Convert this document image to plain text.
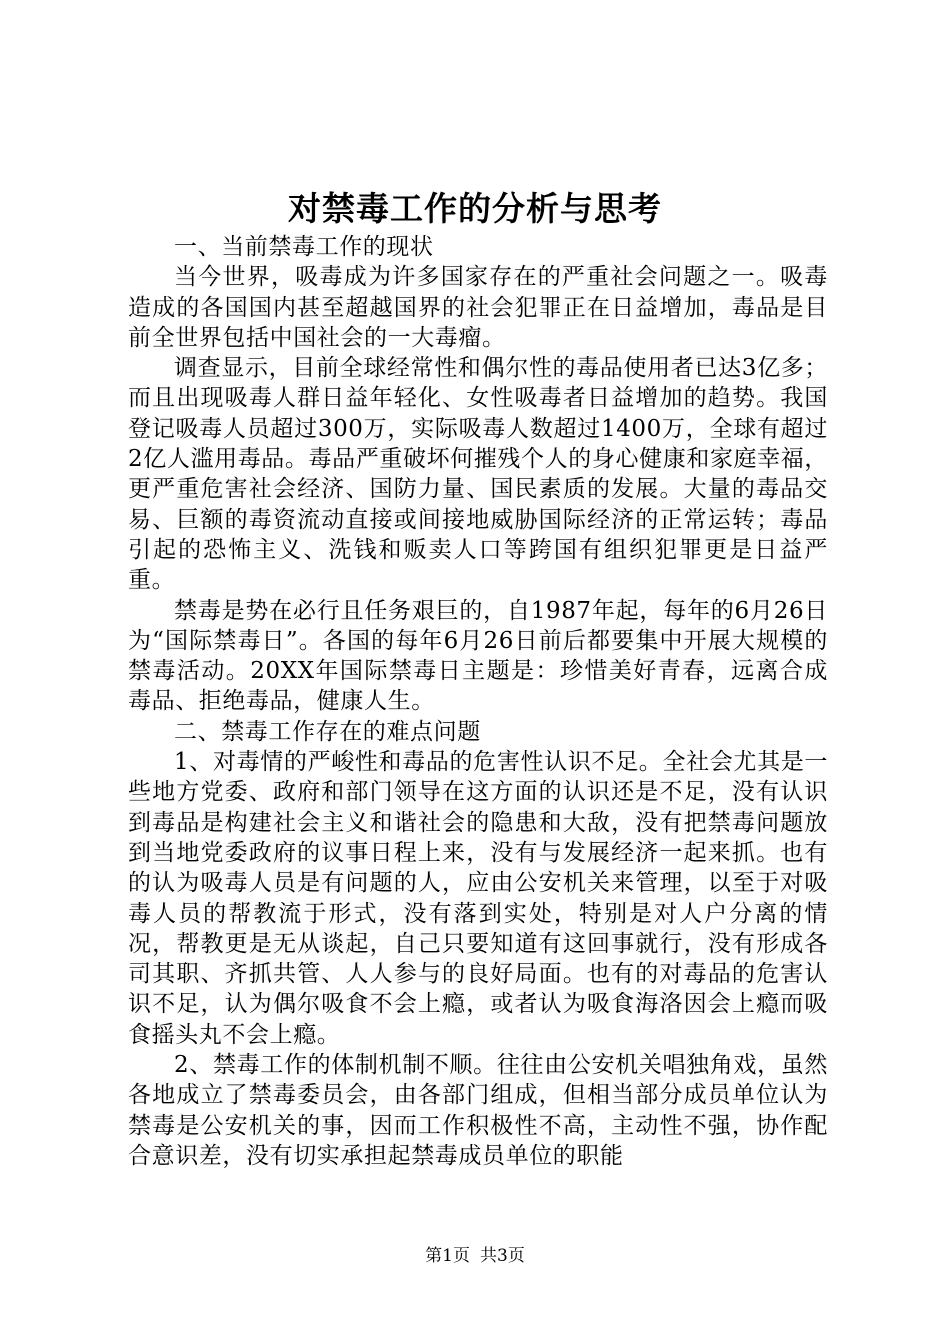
对禁毒工作的分析与思考

一、当前禁毒工作的现状

当今世界，吸毒成为许多国家存在的严重社会问题之一。吸毒造成的各国国内甚至超越国界的社会犯罪正在日益增加，毒品是目前全世界包括中国社会的一大毒瘤。

调查显示，目前全球经常性和偶尔性的毒品使用者已达3亿多；而且出现吸毒人群日益年轻化、女性吸毒者日益增加的趋势。我国登记吸毒人员超过300万，实际吸毒人数超过1400万，全球有超过2亿人滥用毒品。毒品严重破坏何摧残个人的身心健康和家庭幸福，更严重危害社会经济、国防力量、国民素质的发展。大量的毒品交易、巨额的毒资流动直接或间接地威胁国际经济的正常运转；毒品引起的恐怖主义、洗钱和贩卖人口等跨国有组织犯罪更是日益严重。

禁毒是势在必行且任务艰巨的，自1987年起，每年的6月26日为“国际禁毒日”。各国的每年6月26日前后都要集中开展大规模的禁毒活动。20XX年国际禁毒日主题是：珍惜美好青春，远离合成毒品、拒绝毒品，健康人生。

二、禁毒工作存在的难点问题

1、对毒情的严峻性和毒品的危害性认识不足。全社会尤其是一些地方党委、政府和部门领导在这方面的认识还是不足，没有认识到毒品是构建社会主义和谐社会的隐患和大敌，没有把禁毒问题放到当地党委政府的议事日程上来，没有与发展经济一起来抓。也有的认为吸毒人员是有问题的人，应由公安机关来管理，以至于对吸毒人员的帮教流于形式，没有落到实处，特别是对人户分离的情况，帮教更是无从谈起，自己只要知道有这回事就行，没有形成各司其职、齐抓共管、人人参与的良好局面。也有的对毒品的危害认识不足，认为偶尔吸食不会上瘾，或者认为吸食海洛因会上瘾而吸食摇头丸不会上瘾。

2、禁毒工作的体制机制不顺。往往由公安机关唱独角戏，虽然各地成立了禁毒委员会，由各部门组成，但相当部分成员单位认为禁毒是公安机关的事，因而工作积极性不高，主动性不强，协作配合意识差，没有切实承担起禁毒成员单位的职能

第1页 共3页
